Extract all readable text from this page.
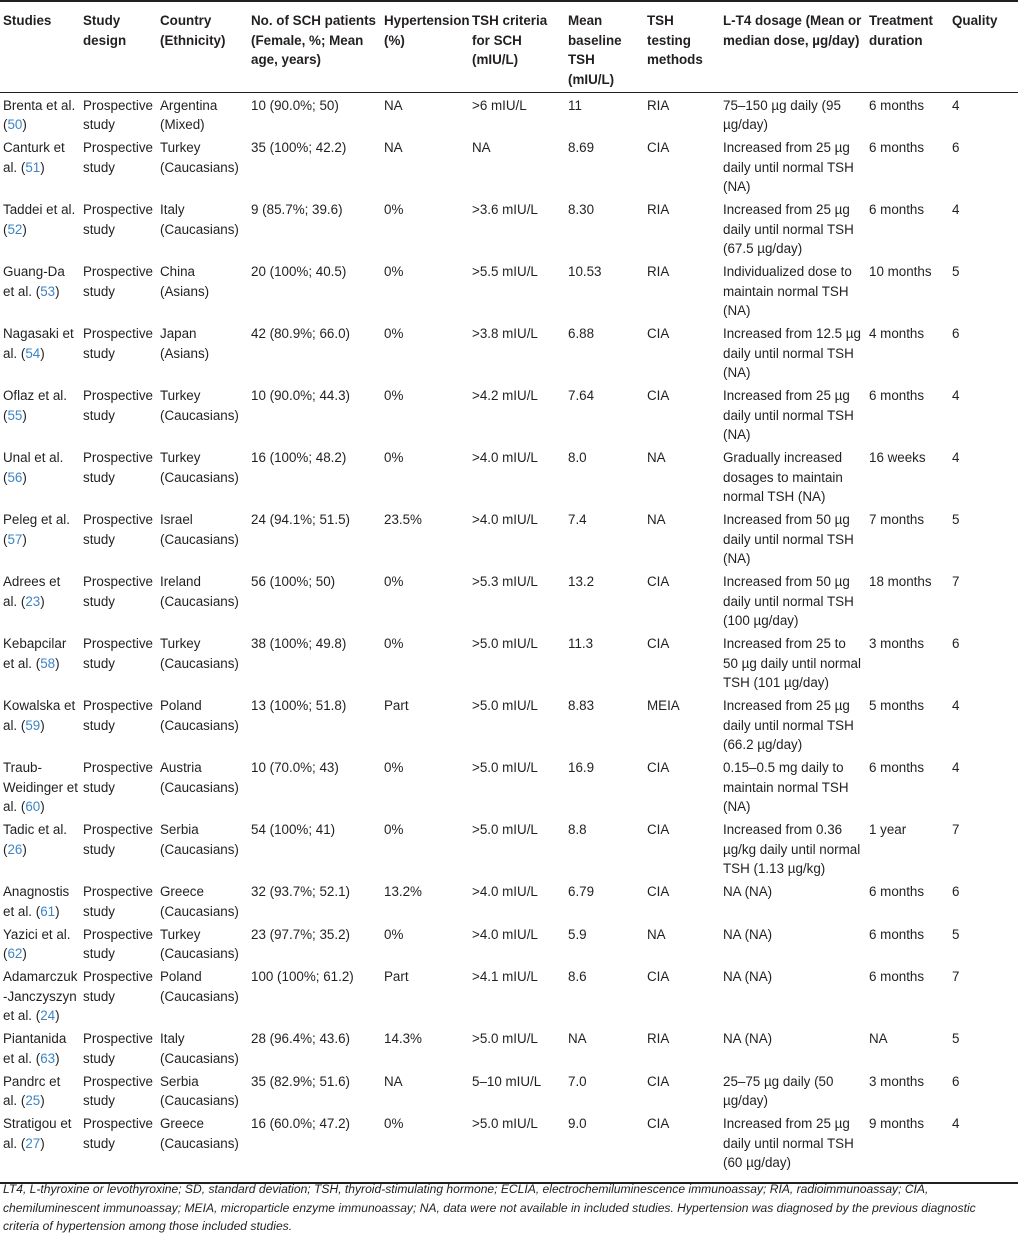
Studies	Study design	Country (Ethnicity)	No. of SCH patients (Female, %; Mean age, years)	Hypertension (%)	TSH criteria for SCH (mIU/L)	Mean baseline TSH (mIU/L)	TSH testing methods	L-T4 dosage (Mean or median dose, µg/day)	Treatment duration	Quality
Brenta et al. (50)	Prospective study	Argentina (Mixed)	10 (90.0%; 50)	NA	>6 mIU/L	11	RIA	75–150 µg daily (95 µg/day)	6 months	4
Canturk et al. (51)	Prospective study	Turkey (Caucasians)	35 (100%; 42.2)	NA	NA	8.69	CIA	Increased from 25 µg daily until normal TSH (NA)	6 months	6
Taddei et al. (52)	Prospective study	Italy (Caucasians)	9 (85.7%; 39.6)	0%	>3.6 mIU/L	8.30	RIA	Increased from 25 µg daily until normal TSH (67.5 µg/day)	6 months	4
Guang-Da et al. (53)	Prospective study	China (Asians)	20 (100%; 40.5)	0%	>5.5 mIU/L	10.53	RIA	Individualized dose to maintain normal TSH (NA)	10 months	5
Nagasaki et al. (54)	Prospective study	Japan (Asians)	42 (80.9%; 66.0)	0%	>3.8 mIU/L	6.88	CIA	Increased from 12.5 µg daily until normal TSH (NA)	4 months	6
Oflaz et al. (55)	Prospective study	Turkey (Caucasians)	10 (90.0%; 44.3)	0%	>4.2 mIU/L	7.64	CIA	Increased from 25 µg daily until normal TSH (NA)	6 months	4
Unal et al. (56)	Prospective study	Turkey (Caucasians)	16 (100%; 48.2)	0%	>4.0 mIU/L	8.0	NA	Gradually increased dosages to maintain normal TSH (NA)	16 weeks	4
Peleg et al. (57)	Prospective study	Israel (Caucasians)	24 (94.1%; 51.5)	23.5%	>4.0 mIU/L	7.4	NA	Increased from 50 µg daily until normal TSH (NA)	7 months	5
Adrees et al. (23)	Prospective study	Ireland (Caucasians)	56 (100%; 50)	0%	>5.3 mIU/L	13.2	CIA	Increased from 50 µg daily until normal TSH (100 µg/day)	18 months	7
Kebapcilar et al. (58)	Prospective study	Turkey (Caucasians)	38 (100%; 49.8)	0%	>5.0 mIU/L	11.3	CIA	Increased from 25 to 50 µg daily until normal TSH (101 µg/day)	3 months	6
Kowalska et al. (59)	Prospective study	Poland (Caucasians)	13 (100%; 51.8)	Part	>5.0 mIU/L	8.83	MEIA	Increased from 25 µg daily until normal TSH (66.2 µg/day)	5 months	4
Traub-Weidinger et al. (60)	Prospective study	Austria (Caucasians)	10 (70.0%; 43)	0%	>5.0 mIU/L	16.9	CIA	0.15–0.5 mg daily to maintain normal TSH (NA)	6 months	4
Tadic et al. (26)	Prospective study	Serbia (Caucasians)	54 (100%; 41)	0%	>5.0 mIU/L	8.8	CIA	Increased from 0.36 µg/kg daily until normal TSH (1.13 µg/kg)	1 year	7
Anagnostis et al. (61)	Prospective study	Greece (Caucasians)	32 (93.7%; 52.1)	13.2%	>4.0 mIU/L	6.79	CIA	NA (NA)	6 months	6
Yazici et al. (62)	Prospective study	Turkey (Caucasians)	23 (97.7%; 35.2)	0%	>4.0 mIU/L	5.9	NA	NA (NA)	6 months	5
Adamarczuk-Janczyszyn et al. (24)	Prospective study	Poland (Caucasians)	100 (100%; 61.2)	Part	>4.1 mIU/L	8.6	CIA	NA (NA)	6 months	7
Piantanida et al. (63)	Prospective study	Italy (Caucasians)	28 (96.4%; 43.6)	14.3%	>5.0 mIU/L	NA	RIA	NA (NA)	NA	5
Pandrc et al. (25)	Prospective study	Serbia (Caucasians)	35 (82.9%; 51.6)	NA	5–10 mIU/L	7.0	CIA	25–75 µg daily (50 µg/day)	3 months	6
Stratigou et al. (27)	Prospective study	Greece (Caucasians)	16 (60.0%; 47.2)	0%	>5.0 mIU/L	9.0	CIA	Increased from 25 µg daily until normal TSH (60 µg/day)	9 months	4
LT4, L-thyroxine or levothyroxine; SD, standard deviation; TSH, thyroid-stimulating hormone; ECLIA, electrochemiluminescence immunoassay; RIA, radioimmunoassay; CIA, chemiluminescent immunoassay; MEIA, microparticle enzyme immunoassay; NA, data were not available in included studies. Hypertension was diagnosed by the previous diagnostic criteria of hypertension among those included studies.
